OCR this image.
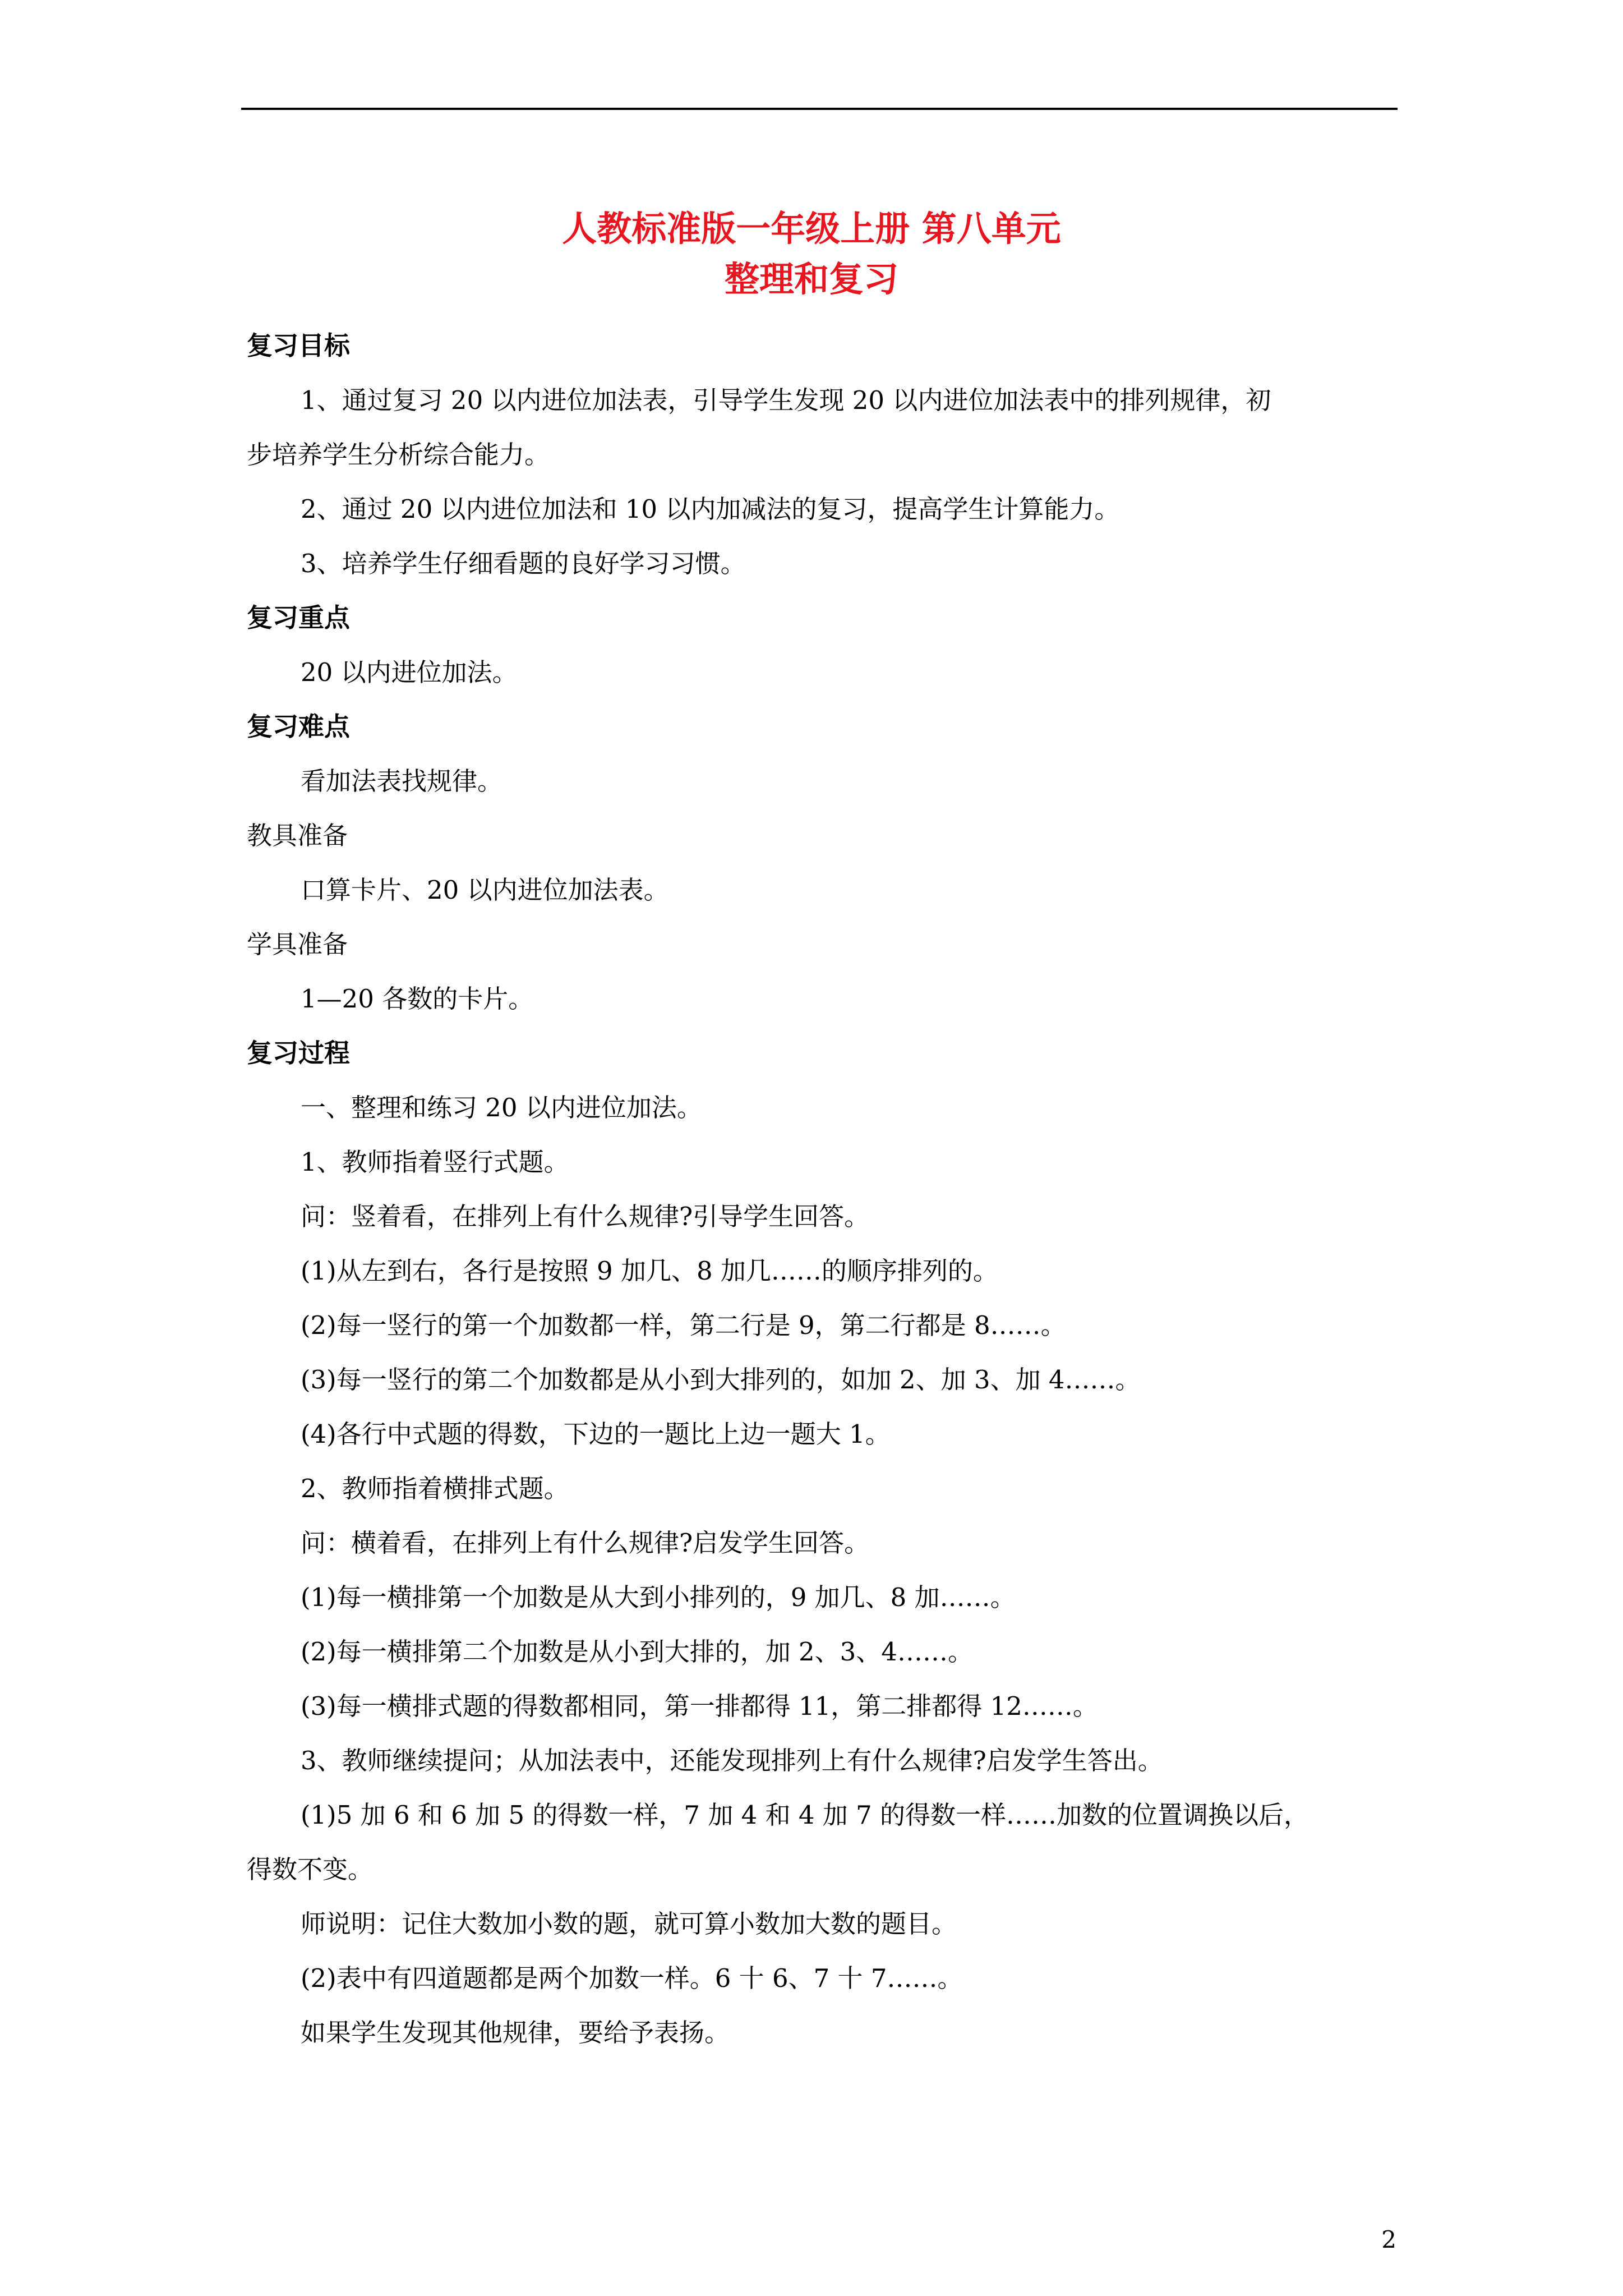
人教标准版一年级上册 第八单元
整理和复习
复习目标
1、通过复习 20 以内进位加法表，引导学生发现 20 以内进位加法表中的排列规律，初
步培养学生分析综合能力。
2、通过 20 以内进位加法和 10 以内加减法的复习，提高学生计算能力。
3、培养学生仔细看题的良好学习习惯。
复习重点
20 以内进位加法。
复习难点
看加法表找规律。
教具准备
口算卡片、20 以内进位加法表。
学具准备
1—20 各数的卡片。
复习过程
一、整理和练习 20 以内进位加法。
1、教师指着竖行式题。
问：竖着看，在排列上有什么规律?引导学生回答。
(1)从左到右，各行是按照 9 加几、8 加几……的顺序排列的。
(2)每一竖行的第一个加数都一样，第二行是 9，第二行都是 8……。
(3)每一竖行的第二个加数都是从小到大排列的，如加 2、加 3、加 4……。
(4)各行中式题的得数，下边的一题比上边一题大 1。
2、教师指着横排式题。
问：横着看，在排列上有什么规律?启发学生回答。
(1)每一横排第一个加数是从大到小排列的，9 加几、8 加……。
(2)每一横排第二个加数是从小到大排的，加 2、3、4……。
(3)每一横排式题的得数都相同，第一排都得 11，第二排都得 12……。
3、教师继续提问；从加法表中，还能发现排列上有什么规律?启发学生答出。
(1)5 加 6 和 6 加 5 的得数一样，7 加 4 和 4 加 7 的得数一样……加数的位置调换以后，
得数不变。
师说明：记住大数加小数的题，就可算小数加大数的题目。
(2)表中有四道题都是两个加数一样。6 十 6、7 十 7……。
如果学生发现其他规律，要给予表扬。
2
